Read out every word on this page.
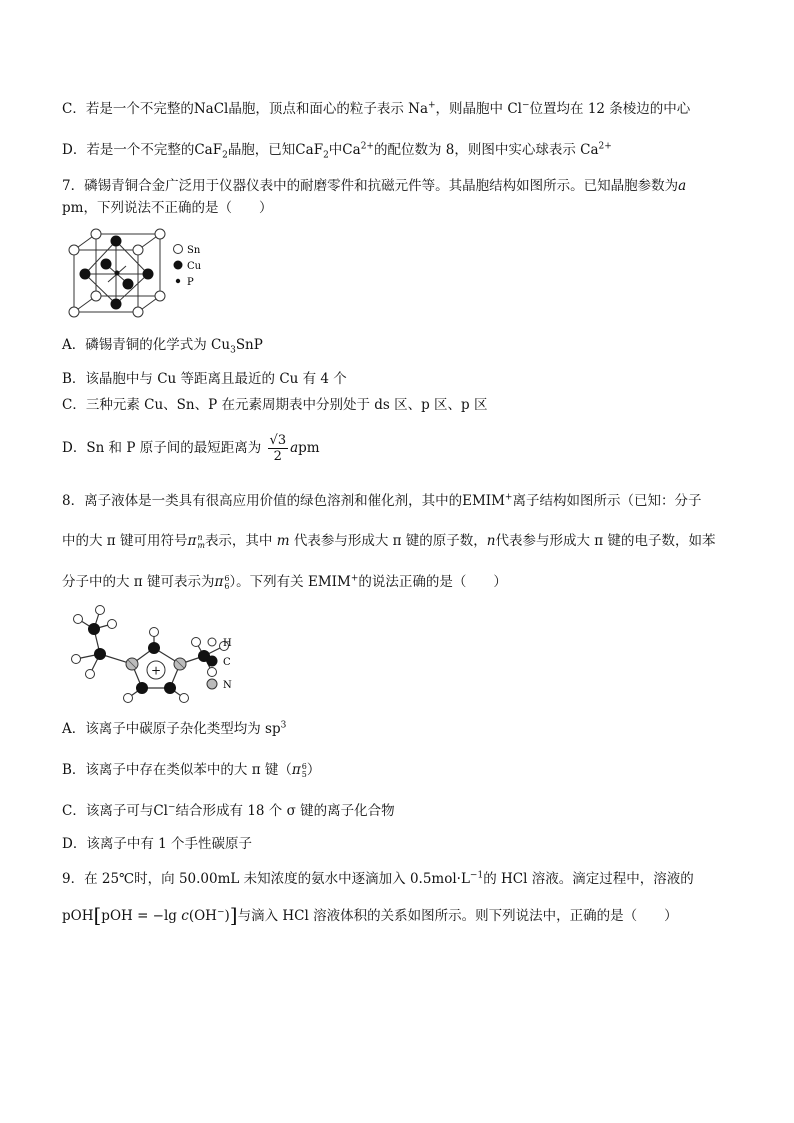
C．若是一个不完整的NaCl晶胞，顶点和面心的粒子表示 Na+，则晶胞中 Cl−位置均在 12 条棱边的中心
D．若是一个不完整的CaF$_2$晶胞，已知CaF$_2$中$Ca^{2+}$的配位数为 8，则图中实心球表示 $Ca^{2+}$
7．磷锡青铜合金广泛用于仪器仪表中的耐磨零件和抗磁元件等。其晶胞结构如图所示。已知晶胞参数为a
pm，下列说法不正确的是（　　）
Sn
Cu
P
A．磷锡青铜的化学式为 $Cu_3SnP$
B．该晶胞中与 Cu 等距离且最近的 Cu 有 4 个
C．三种元素 Cu、Sn、P 在元素周期表中分别处于 ds 区、p 区、p 区
D．Sn 和 P 原子间的最短距离为 $\frac{√3}{2}$ apm
8．离子液体是一类具有很高应用价值的绿色溶剂和催化剂，其中的EMIM+离子结构如图所示（已知：分子
中的大 π 键可用符号π n
m 表示，其中 m 代表参与形成大 π 键的原子数，n代表参与形成大 π 键的电子数，如苯
分子中的大 π 键可表示为π 6
6 ）。下列有关 EMIM+的说法正确的是（　　）
+
H
C
N
A．该离子中碳原子杂化类型均为 $sp^3$
B．该离子中存在类似苯中的大 π 键（π 6
5 ）
C．该离子可与Cl−结合形成有 18 个 σ 键的离子化合物
D．该离子中有 1 个手性碳原子
9．在 25℃时，向 50.00mL 未知浓度的氨水中逐滴加入 $0.5mol\cdot L^{-1}$的 HCl 溶液。滴定过程中，溶液的
pOH[pOH = −lg c(OH−)]与滴入 HCl 溶液体积的关系如图所示。则下列说法中，正确的是（　　）
